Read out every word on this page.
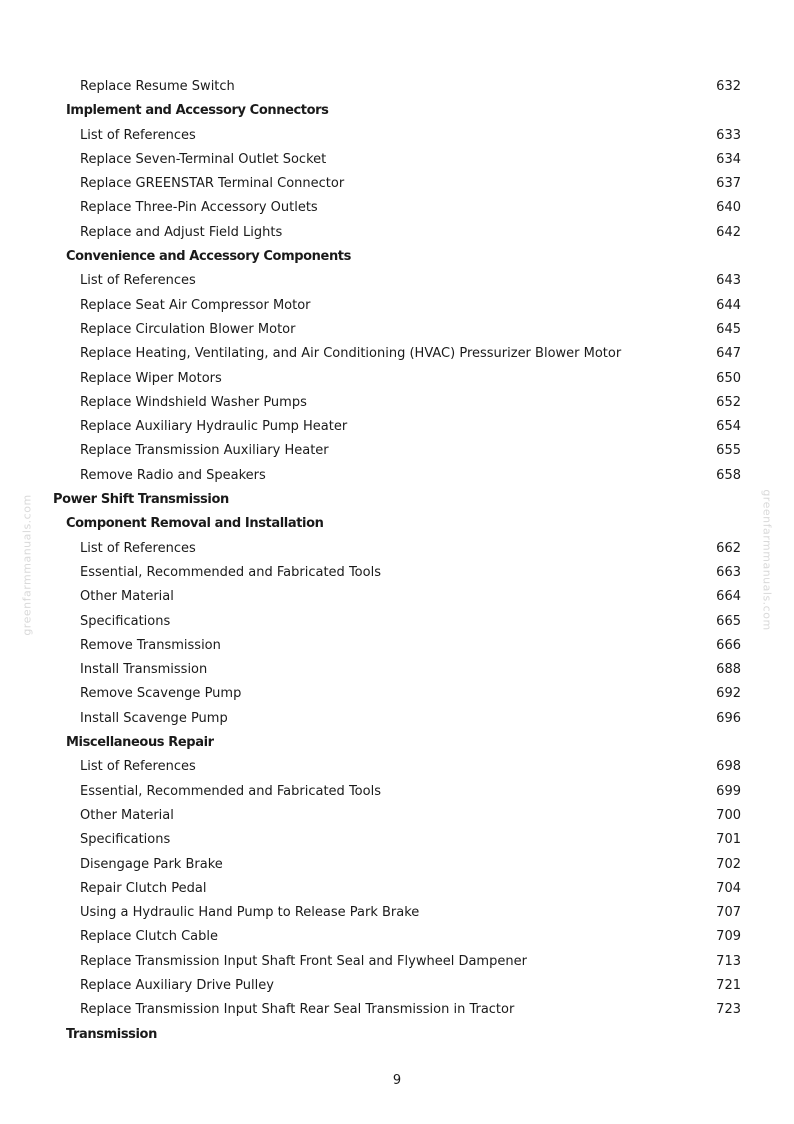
Replace Resume Switch	632
Implement and Accessory Connectors
List of References	633
Replace Seven-Terminal Outlet Socket	634
Replace GREENSTAR Terminal Connector	637
Replace Three-Pin Accessory Outlets	640
Replace and Adjust Field Lights	642
Convenience and Accessory Components
List of References	643
Replace Seat Air Compressor Motor	644
Replace Circulation Blower Motor	645
Replace Heating, Ventilating, and Air Conditioning (HVAC) Pressurizer Blower Motor	647
Replace Wiper Motors	650
Replace Windshield Washer Pumps	652
Replace Auxiliary Hydraulic Pump Heater	654
Replace Transmission Auxiliary Heater	655
Remove Radio and Speakers	658
Power Shift Transmission
Component Removal and Installation
List of References	662
Essential, Recommended and Fabricated Tools	663
Other Material	664
Specifications	665
Remove Transmission	666
Install Transmission	688
Remove Scavenge Pump	692
Install Scavenge Pump	696
Miscellaneous Repair
List of References	698
Essential, Recommended and Fabricated Tools	699
Other Material	700
Specifications	701
Disengage Park Brake	702
Repair Clutch Pedal	704
Using a Hydraulic Hand Pump to Release Park Brake	707
Replace Clutch Cable	709
Replace Transmission Input Shaft Front Seal and Flywheel Dampener	713
Replace Auxiliary Drive Pulley	721
Replace Transmission Input Shaft Rear Seal Transmission in Tractor	723
Transmission
greenfarmmanuals.com	greenfarmmanuals.com
9
